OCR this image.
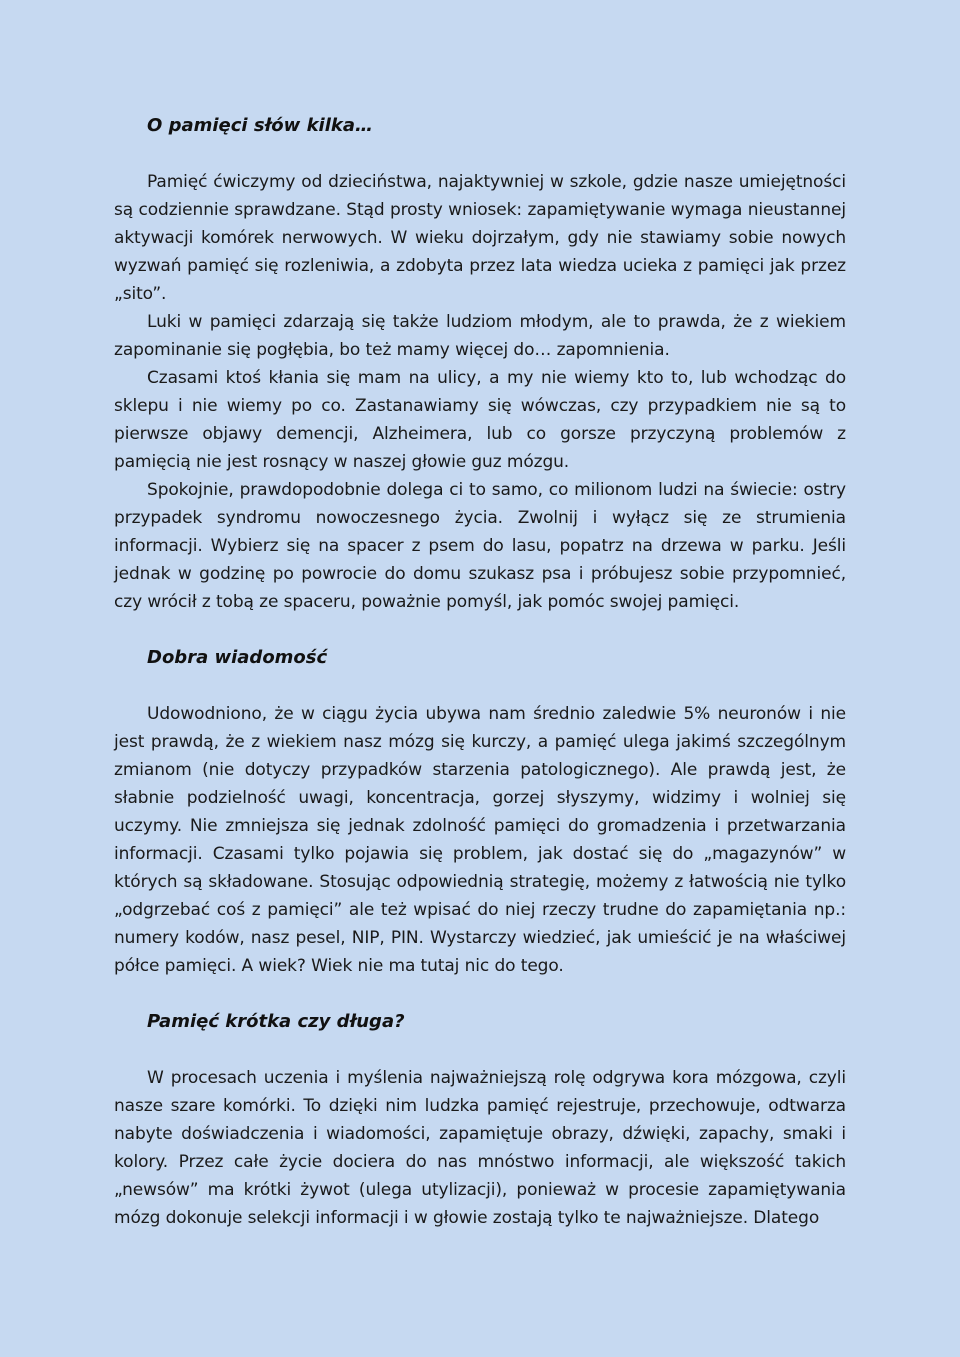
O pamięci słów kilka…

Pamięć ćwiczymy od dzieciństwa, najaktywniej w szkole, gdzie nasze umiejętności są codziennie sprawdzane. Stąd prosty wniosek: zapamiętywanie wymaga nieustannej aktywacji komórek nerwowych. W wieku dojrzałym, gdy nie stawiamy sobie nowych wyzwań pamięć się rozleniwia, a zdobyta przez lata wiedza ucieka z pamięci jak przez „sito”.

Luki w pamięci zdarzają się także ludziom młodym, ale to prawda, że z wiekiem zapominanie się pogłębia, bo też mamy więcej do… zapomnienia.

Czasami ktoś kłania się mam na ulicy, a my nie wiemy kto to, lub wchodząc do sklepu i nie wiemy po co. Zastanawiamy się wówczas, czy przypadkiem nie są to pierwsze objawy demencji, Alzheimera, lub co gorsze przyczyną problemów z pamięcią nie jest rosnący w naszej głowie guz mózgu.

Spokojnie, prawdopodobnie dolega ci to samo, co milionom ludzi na świecie: ostry przypadek syndromu nowoczesnego życia. Zwolnij i wyłącz się ze strumienia informacji. Wybierz się na spacer z psem do lasu, popatrz na drzewa w parku. Jeśli jednak w godzinę po powrocie do domu szukasz psa i próbujesz sobie przypomnieć, czy wrócił z tobą ze spaceru, poważnie pomyśl, jak pomóc swojej pamięci.

Dobra wiadomość

Udowodniono, że w ciągu życia ubywa nam średnio zaledwie 5% neuronów i nie jest prawdą, że z wiekiem nasz mózg się kurczy, a pamięć ulega jakimś szczególnym zmianom (nie dotyczy przypadków starzenia patologicznego). Ale prawdą jest, że słabnie podzielność uwagi, koncentracja, gorzej słyszymy, widzimy i wolniej się uczymy. Nie zmniejsza się jednak zdolność pamięci do gromadzenia i przetwarzania informacji. Czasami tylko pojawia się problem, jak dostać się do „magazynów” w których są składowane. Stosując odpowiednią strategię, możemy z łatwością nie tylko „odgrzebać coś z pamięci” ale też wpisać do niej rzeczy trudne do zapamiętania np.: numery kodów, nasz pesel, NIP, PIN. Wystarczy wiedzieć, jak umieścić je na właściwej półce pamięci. A wiek? Wiek nie ma tutaj nic do tego.

Pamięć krótka czy długa?

W procesach uczenia i myślenia najważniejszą rolę odgrywa kora mózgowa, czyli nasze szare komórki. To dzięki nim ludzka pamięć rejestruje, przechowuje, odtwarza nabyte doświadczenia i wiadomości, zapamiętuje obrazy, dźwięki, zapachy, smaki i kolory. Przez całe życie dociera do nas mnóstwo informacji, ale większość takich „newsów” ma krótki żywot (ulega utylizacji), ponieważ w procesie zapamiętywania mózg dokonuje selekcji informacji i w głowie zostają tylko te najważniejsze. Dlatego
